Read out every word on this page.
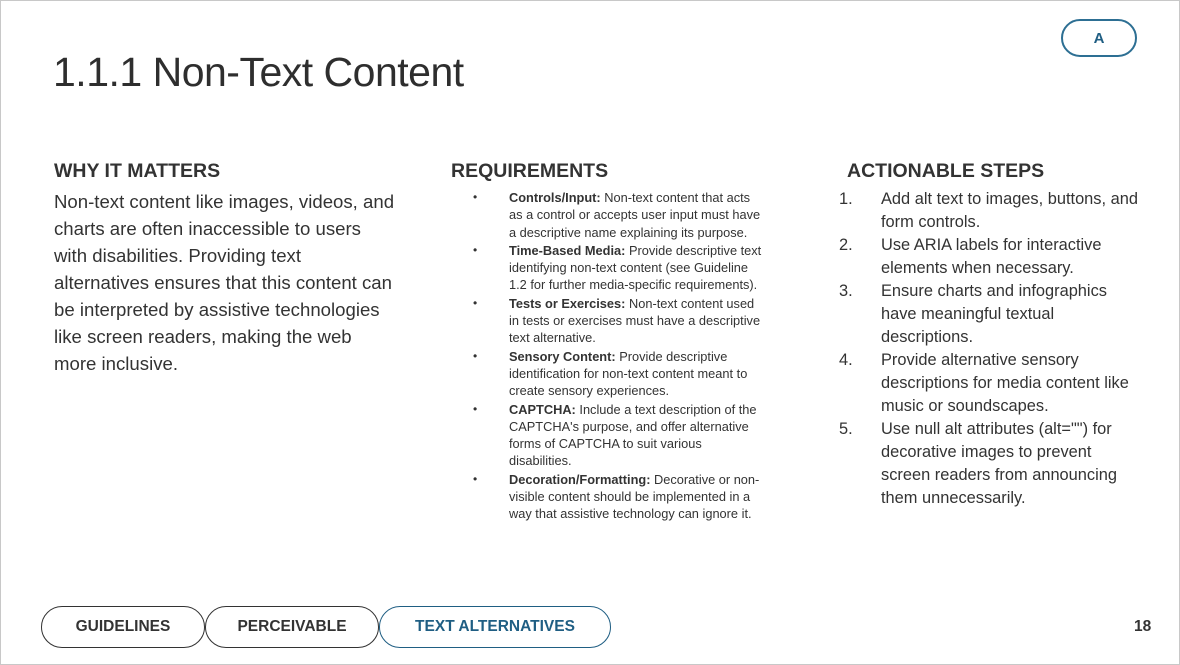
1.1.1 Non-Text Content
A
WHY IT MATTERS

Non-text content like images, videos, and charts are often inaccessible to users with disabilities. Providing text alternatives ensures that this content can be interpreted by assistive technologies like screen readers, making the web more inclusive.

REQUIREMENTS
• Controls/Input: Non-text content that acts as a control or accepts user input must have a descriptive name explaining its purpose.
• Time-Based Media: Provide descriptive text identifying non-text content (see Guideline 1.2 for further media-specific requirements).
• Tests or Exercises: Non-text content used in tests or exercises must have a descriptive text alternative.
• Sensory Content: Provide descriptive identification for non-text content meant to create sensory experiences.
• CAPTCHA: Include a text description of the CAPTCHA's purpose, and offer alternative forms of CAPTCHA to suit various disabilities.
• Decoration/Formatting: Decorative or non-visible content should be implemented in a way that assistive technology can ignore it.
ACTIONABLE STEPS
1. Add alt text to images, buttons, and form controls.
2. Use ARIA labels for interactive elements when necessary.
3. Ensure charts and infographics have meaningful textual descriptions.
4. Provide alternative sensory descriptions for media content like music or soundscapes.
5. Use null alt attributes (alt="") for decorative images to prevent screen readers from announcing them unnecessarily.
GUIDELINES	PERCEIVABLE	TEXT ALTERNATIVES	18
